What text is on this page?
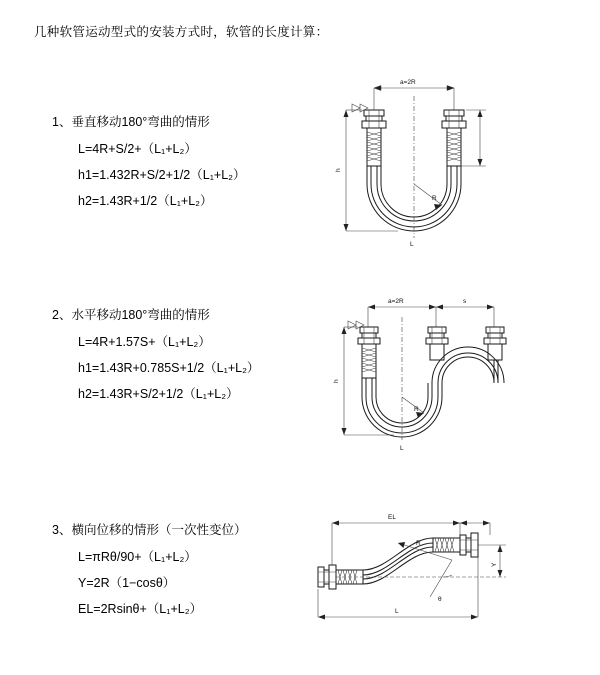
几种软管运动型式的安装方式时，软管的长度计算：
1、垂直移动180°弯曲的情形
L=4R+S/2+（L₁+L₂）
h1=1.432R+S/2+1/2（L₁+L₂）
h2=1.43R+1/2（L₁+L₂）
a=2R
R
h
L
2、水平移动180°弯曲的情形
L=4R+1.57S+（L₁+L₂）
h1=1.43R+0.785S+1/2（L₁+L₂）
h2=1.43R+S/2+1/2（L₁+L₂）
a=2R	s
R
h
L
3、横向位移的情形（一次性变位）
L=πRθ/90+（L₁+L₂）
Y=2R（1−cosθ）
EL=2Rsinθ+（L₁+L₂）
EL
Y
R
θ
L
